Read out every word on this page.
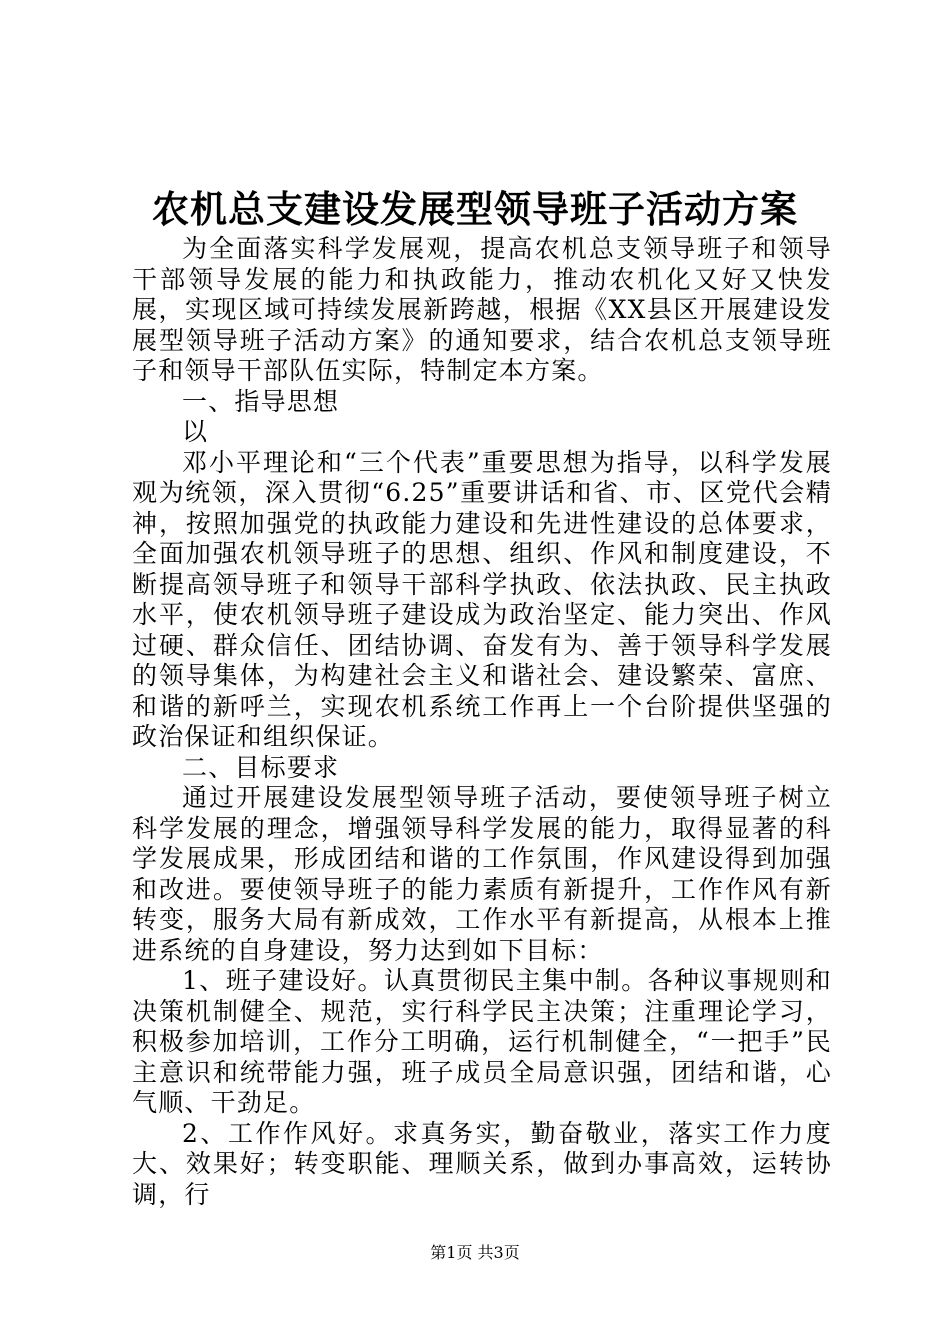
农机总支建设发展型领导班子活动方案

为全面落实科学发展观，提高农机总支领导班子和领导干部领导发展的能力和执政能力，推动农机化又好又快发展，实现区域可持续发展新跨越，根据《XX县区开展建设发展型领导班子活动方案》的通知要求，结合农机总支领导班子和领导干部队伍实际，特制定本方案。

一、指导思想

以

邓小平理论和“三个代表”重要思想为指导，以科学发展观为统领，深入贯彻“6.25”重要讲话和省、市、区党代会精神，按照加强党的执政能力建设和先进性建设的总体要求，全面加强农机领导班子的思想、组织、作风和制度建设，不断提高领导班子和领导干部科学执政、依法执政、民主执政水平，使农机领导班子建设成为政治坚定、能力突出、作风过硬、群众信任、团结协调、奋发有为、善于领导科学发展的领导集体，为构建社会主义和谐社会、建设繁荣、富庶、和谐的新呼兰，实现农机系统工作再上一个台阶提供坚强的政治保证和组织保证。

二、目标要求

通过开展建设发展型领导班子活动，要使领导班子树立科学发展的理念，增强领导科学发展的能力，取得显著的科学发展成果，形成团结和谐的工作氛围，作风建设得到加强和改进。要使领导班子的能力素质有新提升，工作作风有新转变，服务大局有新成效，工作水平有新提高，从根本上推进系统的自身建设，努力达到如下目标：

1、班子建设好。认真贯彻民主集中制。各种议事规则和决策机制健全、规范，实行科学民主决策；注重理论学习，积极参加培训，工作分工明确，运行机制健全，“一把手”民主意识和统带能力强，班子成员全局意识强，团结和谐，心气顺、干劲足。

2、工作作风好。求真务实，勤奋敬业，落实工作力度大、效果好；转变职能、理顺关系，做到办事高效，运转协调，行

第1页 共3页
